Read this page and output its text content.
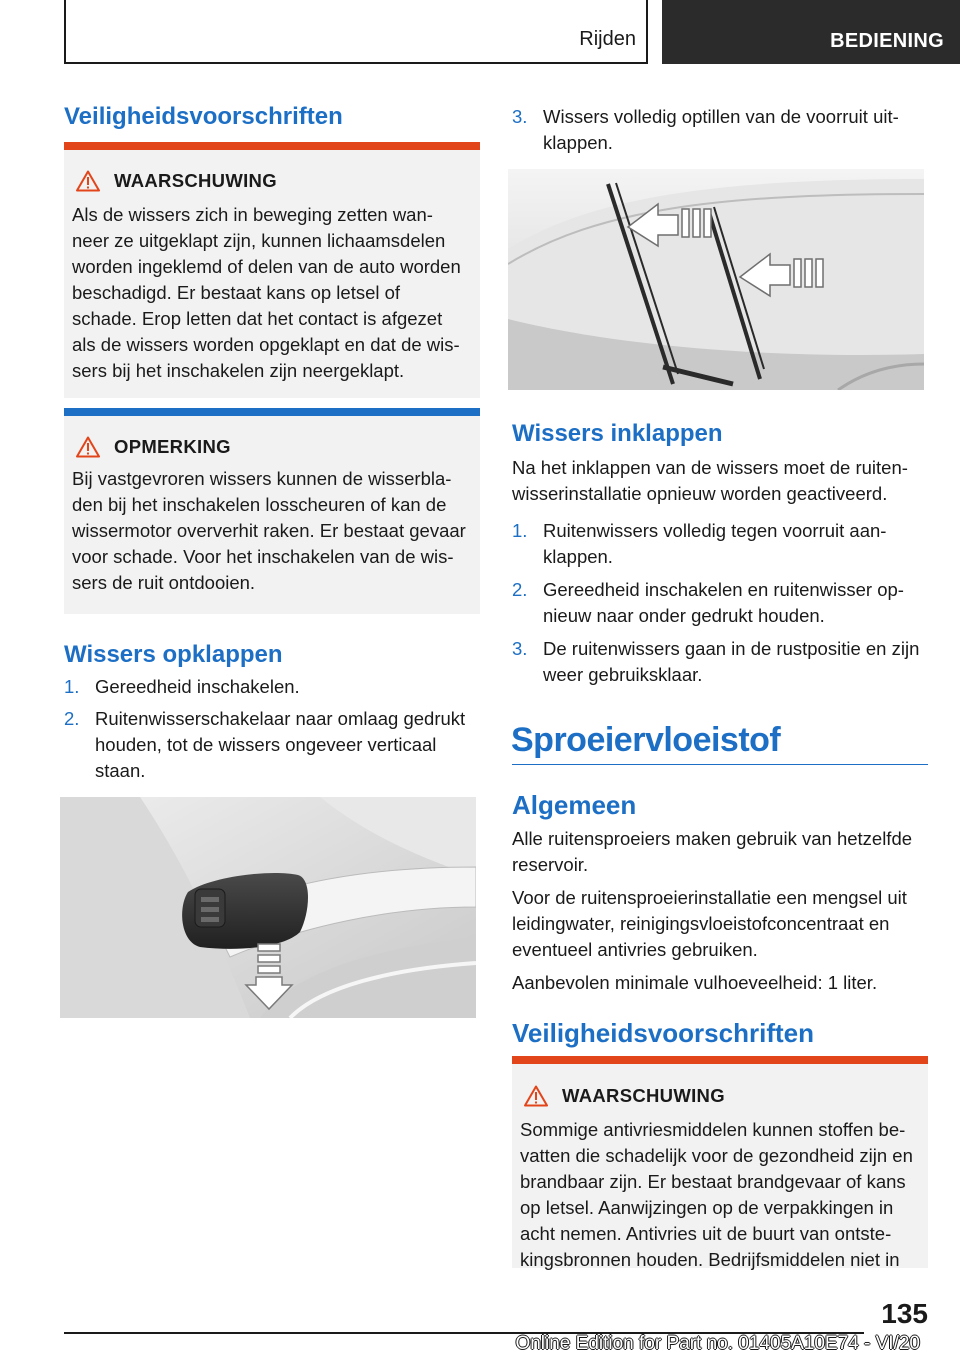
Rijden	BEDIENING
Veiligheidsvoorschriften
WAARSCHUWING
Als de wissers zich in beweging zetten wan-
neer ze uitgeklapt zijn, kunnen lichaamsdelen
worden ingeklemd of delen van de auto worden
beschadigd. Er bestaat kans op letsel of
schade. Erop letten dat het contact is afgezet
als de wissers worden opgeklapt en dat de wis-
sers bij het inschakelen zijn neergeklapt.
OPMERKING
Bij vastgevroren wissers kunnen de wisserbla-
den bij het inschakelen losscheuren of kan de
wissermotor oververhit raken. Er bestaat gevaar
voor schade. Voor het inschakelen van de wis-
sers de ruit ontdooien.
Wissers opklappen
1. Gereedheid inschakelen.
2. Ruitenwisserschakelaar naar omlaag gedrukt
houden, tot de wissers ongeveer verticaal
staan.
3. Wissers volledig optillen van de voorruit uit-
klappen.
Wissers inklappen
Na het inklappen van de wissers moet de ruiten-
wisserinstallatie opnieuw worden geactiveerd.
1. Ruitenwissers volledig tegen voorruit aan-
klappen.
2. Gereedheid inschakelen en ruitenwisser op-
nieuw naar onder gedrukt houden.
3. De ruitenwissers gaan in de rustpositie en zijn
weer gebruiksklaar.
Sproeiervloeistof
Algemeen
Alle ruitensproeiers maken gebruik van hetzelfde
reservoir.
Voor de ruitensproeierinstallatie een mengsel uit
leidingwater, reinigingsvloeistofconcentraat en
eventueel antivries gebruiken.
Aanbevolen minimale vulhoeveelheid: 1 liter.
Veiligheidsvoorschriften
WAARSCHUWING
Sommige antivriesmiddelen kunnen stoffen be-
vatten die schadelijk voor de gezondheid zijn en
brandbaar zijn. Er bestaat brandgevaar of kans
op letsel. Aanwijzingen op de verpakkingen in
acht nemen. Antivries uit de buurt van ontste-
kingsbronnen houden. Bedrijfsmiddelen niet in
135
Online Edition for Part no. 01405A10E74 - VI/20
